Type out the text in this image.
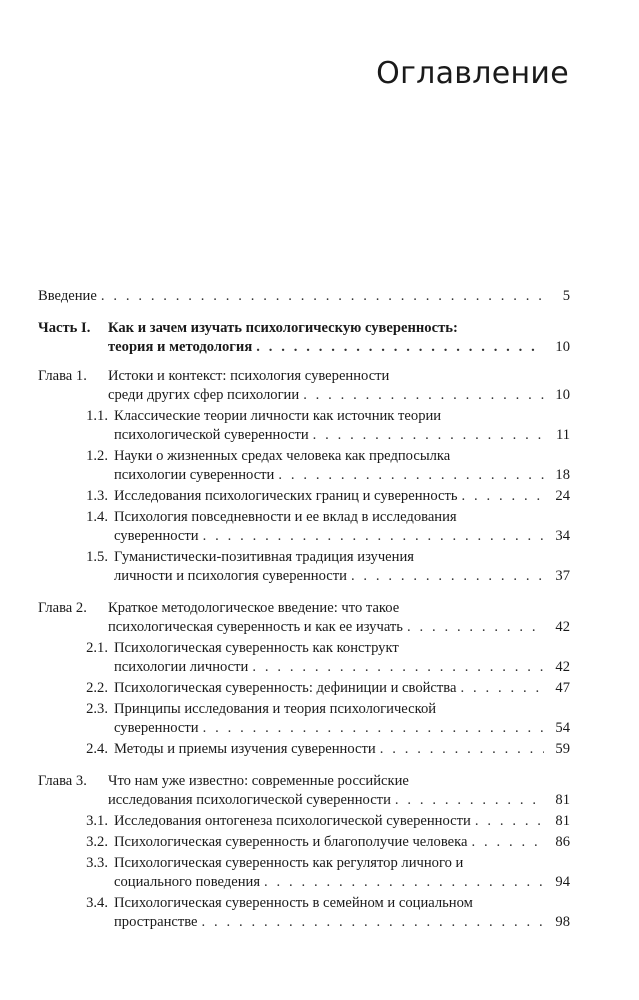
Оглавление
Введение . . .	5
Часть I.	Как и зачем изучать психологическую суверенность:
теория и методология . . .	10
Глава 1.	Истоки и контекст: психология суверенности
среди других сфер психологии . . .	10
1.1. Классические теории личности как источник теории
психологической суверенности . . .	11
1.2. Науки о жизненных средах человека как предпосылка
психологии суверенности . . .	18
1.3. Исследования психологических границ и суверенность . . .	24
1.4. Психология повседневности и ее вклад в исследования
суверенности . . .	34
1.5. Гуманистически-позитивная традиция изучения
личности и психология суверенности . . .	37
Глава 2.	Краткое методологическое введение: что такое
психологическая суверенность и как ее изучать . . .	42
2.1. Психологическая суверенность как конструкт
психологии личности . . .	42
2.2. Психологическая суверенность: дефиниции и свойства . . .	47
2.3. Принципы исследования и теория психологической
суверенности . . .	54
2.4. Методы и приемы изучения суверенности . . .	59
Глава 3.	Что нам уже известно: современные российские
исследования психологической суверенности . . .	81
3.1. Исследования онтогенеза психологической суверенности . . .	81
3.2. Психологическая суверенность и благополучие человека . . .	86
3.3. Психологическая суверенность как регулятор личного и
социального поведения . . .	94
3.4. Психологическая суверенность в семейном и социальном
пространстве . . .	98
